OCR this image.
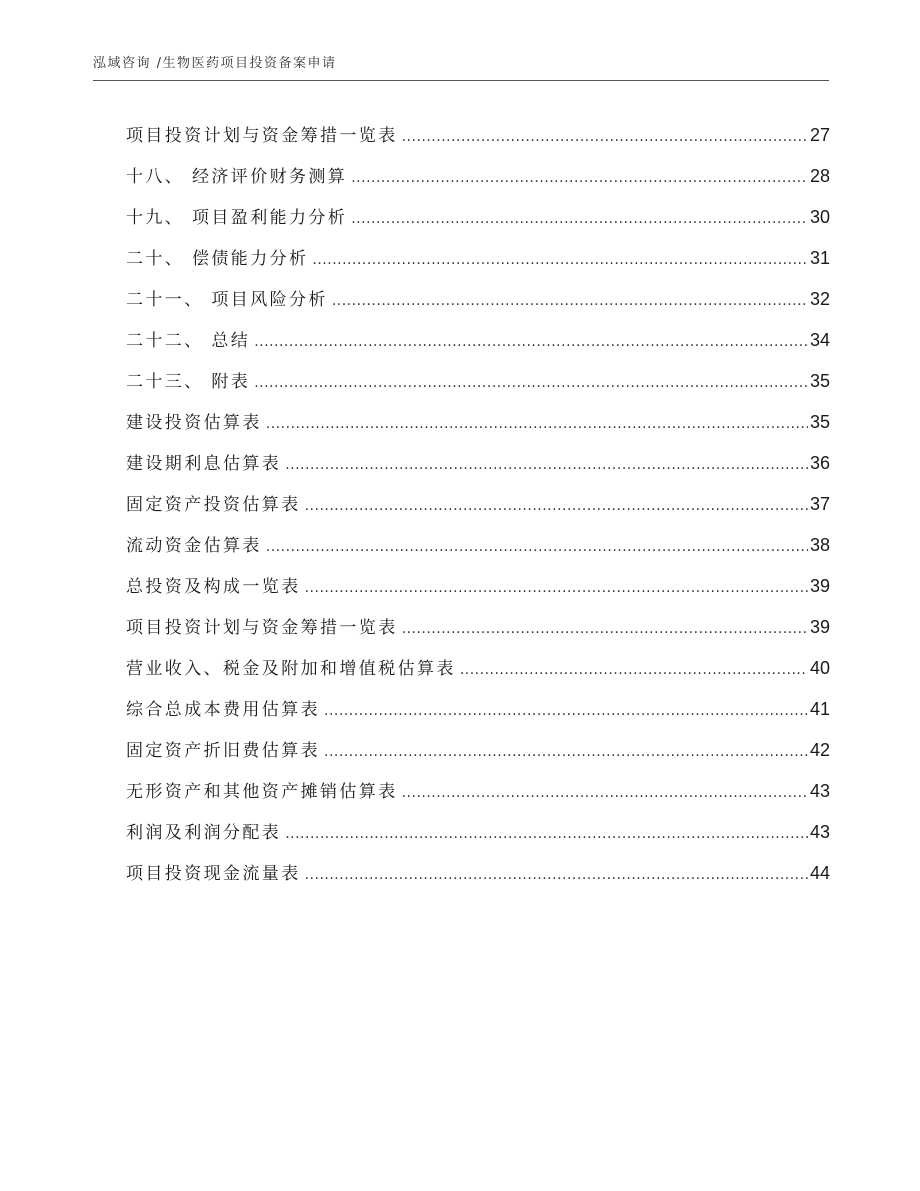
泓域咨询 /生物医药项目投资备案申请
项目投资计划与资金筹措一览表 .....	27
十八、 经济评价财务测算 .....	28
十九、 项目盈利能力分析 .....	30
二十、 偿债能力分析 .....	31
二十一、 项目风险分析 .....	32
二十二、 总结 .....	34
二十三、 附表 .....	35
建设投资估算表 .....	35
建设期利息估算表 .....	36
固定资产投资估算表 .....	37
流动资金估算表 .....	38
总投资及构成一览表 .....	39
项目投资计划与资金筹措一览表 .....	39
营业收入、税金及附加和增值税估算表 .....	40
综合总成本费用估算表 .....	41
固定资产折旧费估算表 .....	42
无形资产和其他资产摊销估算表 .....	43
利润及利润分配表 .....	43
项目投资现金流量表 .....	44
